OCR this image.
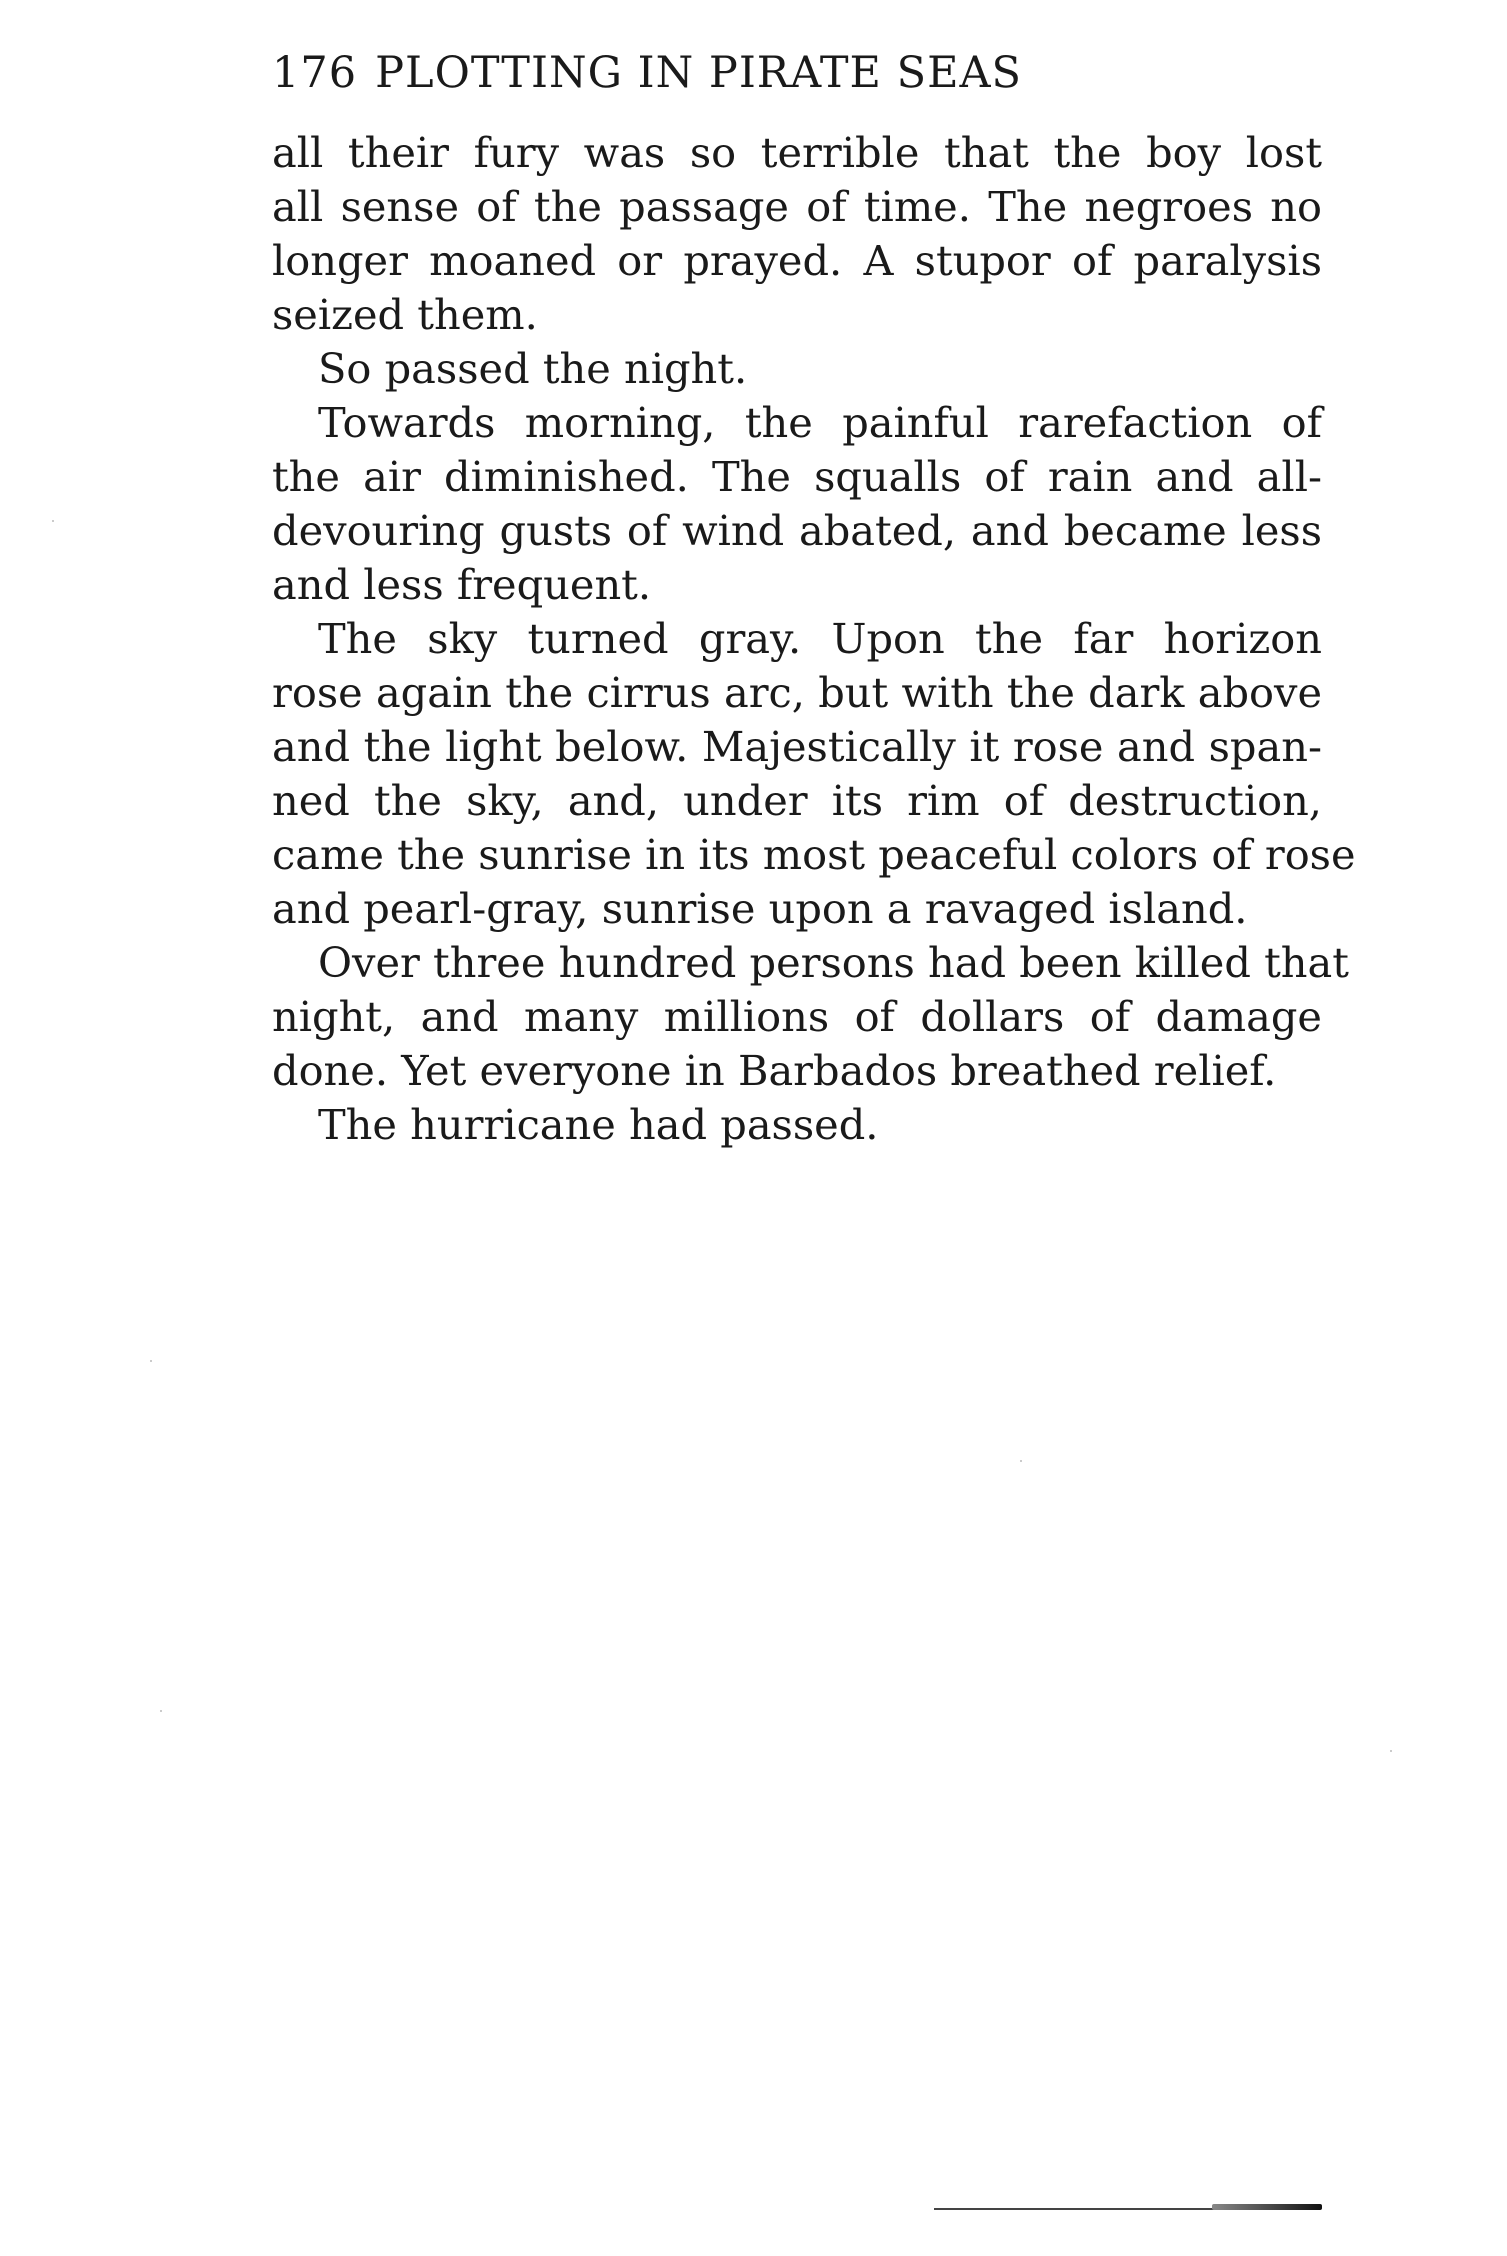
176 PLOTTING IN PIRATE SEAS
all their fury was so terrible that the boy lost
all sense of the passage of time. The negroes no
longer moaned or prayed. A stupor of paralysis
seized them.
So passed the night.
Towards morning, the painful rarefaction of
the air diminished. The squalls of rain and all-
devouring gusts of wind abated, and became less
and less frequent.
The sky turned gray. Upon the far horizon
rose again the cirrus arc, but with the dark above
and the light below. Majestically it rose and span-
ned the sky, and, under its rim of destruction,
came the sunrise in its most peaceful colors of rose
and pearl-gray, sunrise upon a ravaged island.
Over three hundred persons had been killed that
night, and many millions of dollars of damage
done. Yet everyone in Barbados breathed relief.
The hurricane had passed.
